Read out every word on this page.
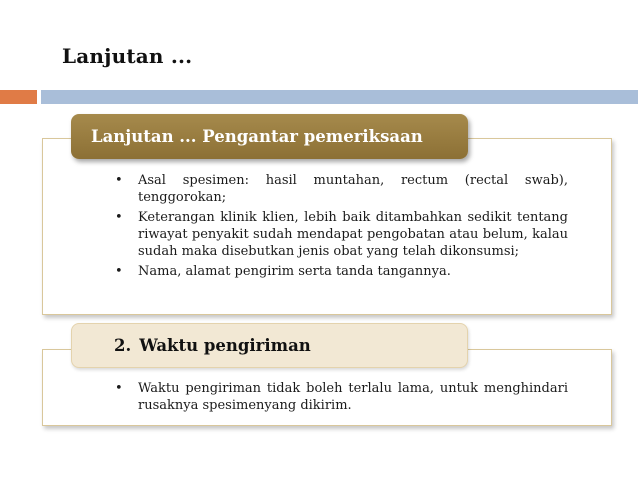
Lanjutan ...
Lanjutan ... Pengantar pemeriksaan
• Asal spesimen: hasil muntahan, rectum (rectal swab), tenggorokan;
• Keterangan klinik klien, lebih baik ditambahkan sedikit tentang riwayat penyakit sudah mendapat pengobatan atau belum, kalau sudah maka disebutkan jenis obat yang telah dikonsumsi;
• Nama, alamat pengirim serta tanda tangannya.
2. Waktu pengiriman
• Waktu pengiriman tidak boleh terlalu lama, untuk menghindari rusaknya spesimenyang dikirim.
